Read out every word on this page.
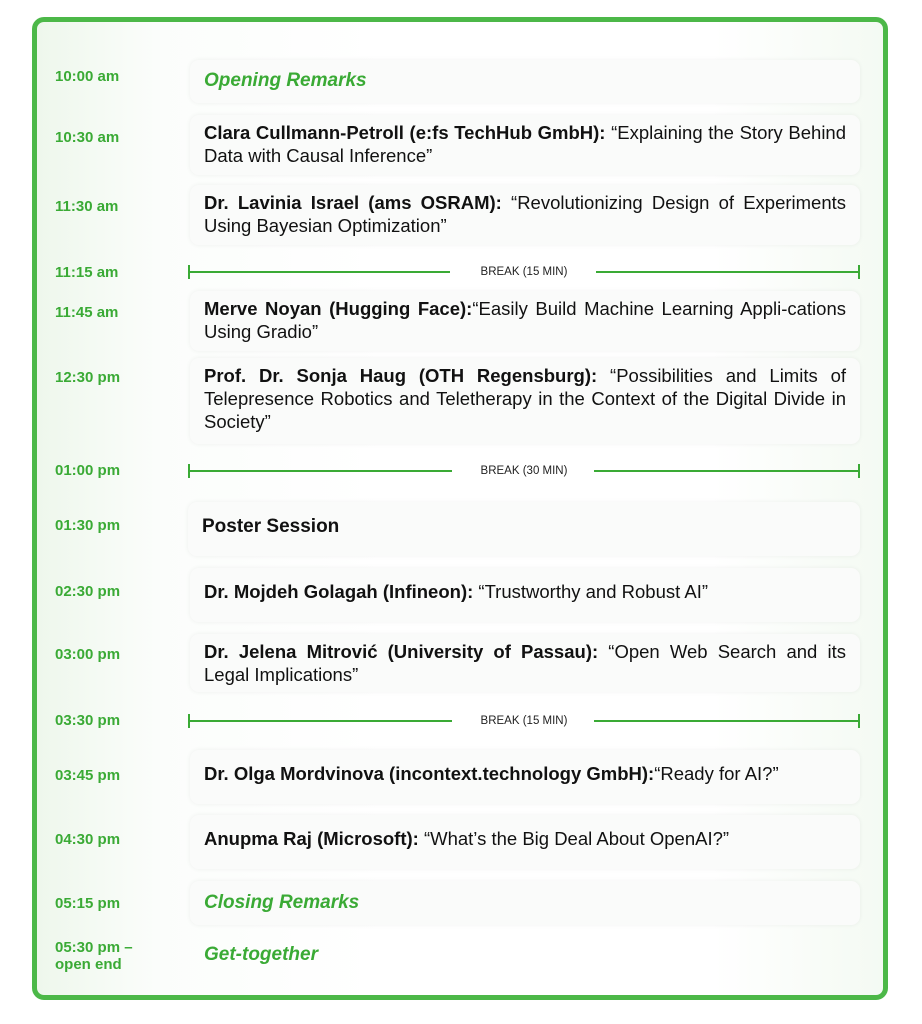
10:00 am	Opening Remarks
10:30 am	Clara Cullmann-Petroll (e:fs TechHub GmbH): “Explaining the Story Behind Data with Causal Inference”
11:30 am	Dr. Lavinia Israel (ams OSRAM): “Revolutionizing Design of Experiments Using Bayesian Optimization”
11:15 am	BREAK (15 MIN)
11:45 am	Merve Noyan (Hugging Face):“Easily Build Machine Learning Appli-cations Using Gradio”
12:30 pm	Prof. Dr. Sonja Haug (OTH Regensburg): “Possibilities and Limits of Telepresence Robotics and Teletherapy in the Context of the Digital Divide in Society”
01:00 pm	BREAK (30 MIN)
01:30 pm	Poster Session
02:30 pm	Dr. Mojdeh Golagah (Infineon): “Trustworthy and Robust AI”
03:00 pm	Dr. Jelena Mitrović (University of Passau): “Open Web Search and its Legal Implications”
03:30 pm	BREAK (15 MIN)
03:45 pm	Dr. Olga Mordvinova (incontext.technology GmbH):“Ready for AI?”
04:30 pm	Anupma Raj (Microsoft): “What’s the Big Deal About OpenAI?”
05:15 pm	Closing Remarks
05:30 pm – open end	Get-together
